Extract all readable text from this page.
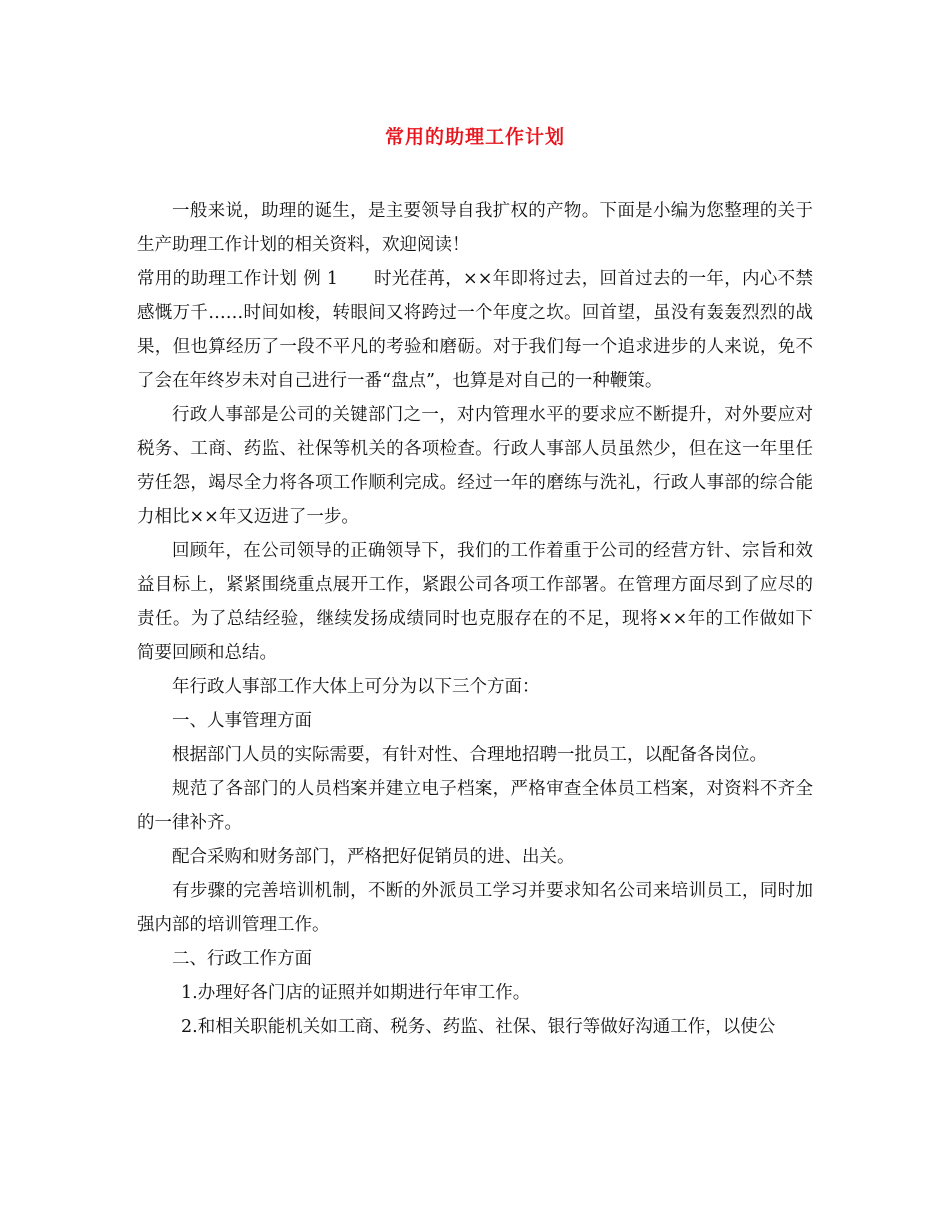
常用的助理工作计划

一般来说，助理的诞生，是主要领导自我扩权的产物。下面是小编为您整理的关于生产助理工作计划的相关资料，欢迎阅读！

常用的助理工作计划 例 1　　时光荏苒，××年即将过去，回首过去的一年，内心不禁感慨万千……时间如梭，转眼间又将跨过一个年度之坎。回首望，虽没有轰轰烈烈的战果，但也算经历了一段不平凡的考验和磨砺。对于我们每一个追求进步的人来说，免不了会在年终岁未对自己进行一番“盘点”，也算是对自己的一种鞭策。

行政人事部是公司的关键部门之一，对内管理水平的要求应不断提升，对外要应对税务、工商、药监、社保等机关的各项检查。行政人事部人员虽然少，但在这一年里任劳任怨，竭尽全力将各项工作顺利完成。经过一年的磨练与洗礼，行政人事部的综合能力相比××年又迈进了一步。

回顾年，在公司领导的正确领导下，我们的工作着重于公司的经营方针、宗旨和效益目标上，紧紧围绕重点展开工作，紧跟公司各项工作部署。在管理方面尽到了应尽的责任。为了总结经验，继续发扬成绩同时也克服存在的不足，现将××年的工作做如下简要回顾和总结。

年行政人事部工作大体上可分为以下三个方面：

一、人事管理方面

根据部门人员的实际需要，有针对性、合理地招聘一批员工，以配备各岗位。

规范了各部门的人员档案并建立电子档案，严格审查全体员工档案，对资料不齐全的一律补齐。

配合采购和财务部门，严格把好促销员的进、出关。

有步骤的完善培训机制，不断的外派员工学习并要求知名公司来培训员工，同时加强内部的培训管理工作。

二、行政工作方面

1.办理好各门店的证照并如期进行年审工作。

2.和相关职能机关如工商、税务、药监、社保、银行等做好沟通工作，以使公
